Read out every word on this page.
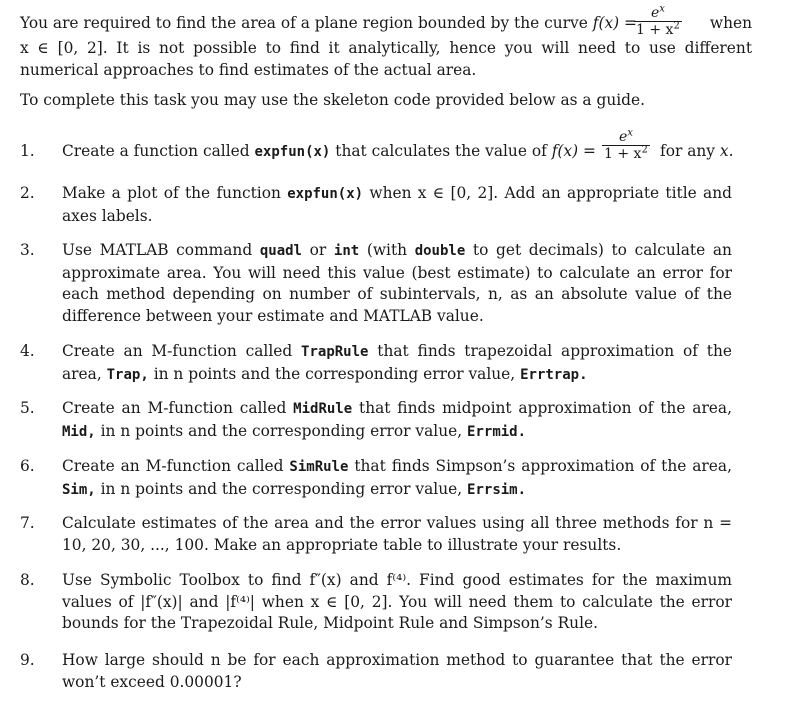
You are required to find the area of a plane region bounded by the curve f(x) =
$\frac{e^x}{1 + x^2}$ when

x ∈ [0, 2]. It is not possible to find it analytically, hence you will need to use different numerical approaches to find estimates of the actual area.

To complete this task you may use the skeleton code provided below as a guide.

1.	Create a function called expfun(x) that calculates the value of $f(x) = \frac{e^x}{1 + x^2}$ for any x.
2.	Make a plot of the function expfun(x) when x ∈ [0, 2]. Add an appropriate title and axes labels.
3.	Use MATLAB command quadl or int (with double to get decimals) to calculate an approximate area. You will need this value (best estimate) to calculate an error for each method depending on number of subintervals, n, as an absolute value of the difference between your estimate and MATLAB value.
4.	Create an M-function called TrapRule that finds trapezoidal approximation of the area, Trap, in n points and the corresponding error value, Errtrap.
5.	Create an M-function called MidRule that finds midpoint approximation of the area, Mid, in n points and the corresponding error value, Errmid.
6.	Create an M-function called SimRule that finds Simpson’s approximation of the area, Sim, in n points and the corresponding error value, Errsim.
7.	Calculate estimates of the area and the error values using all three methods for n = 10, 20, 30, ..., 100. Make an appropriate table to illustrate your results.
8.	Use Symbolic Toolbox to find f″(x) and f⁽⁴⁾. Find good estimates for the maximum values of |f″(x)| and |f⁽⁴⁾| when x ∈ [0, 2]. You will need them to calculate the error bounds for the Trapezoidal Rule, Midpoint Rule and Simpson’s Rule.
9.	How large should n be for each approximation method to guarantee that the error won’t exceed 0.00001?
